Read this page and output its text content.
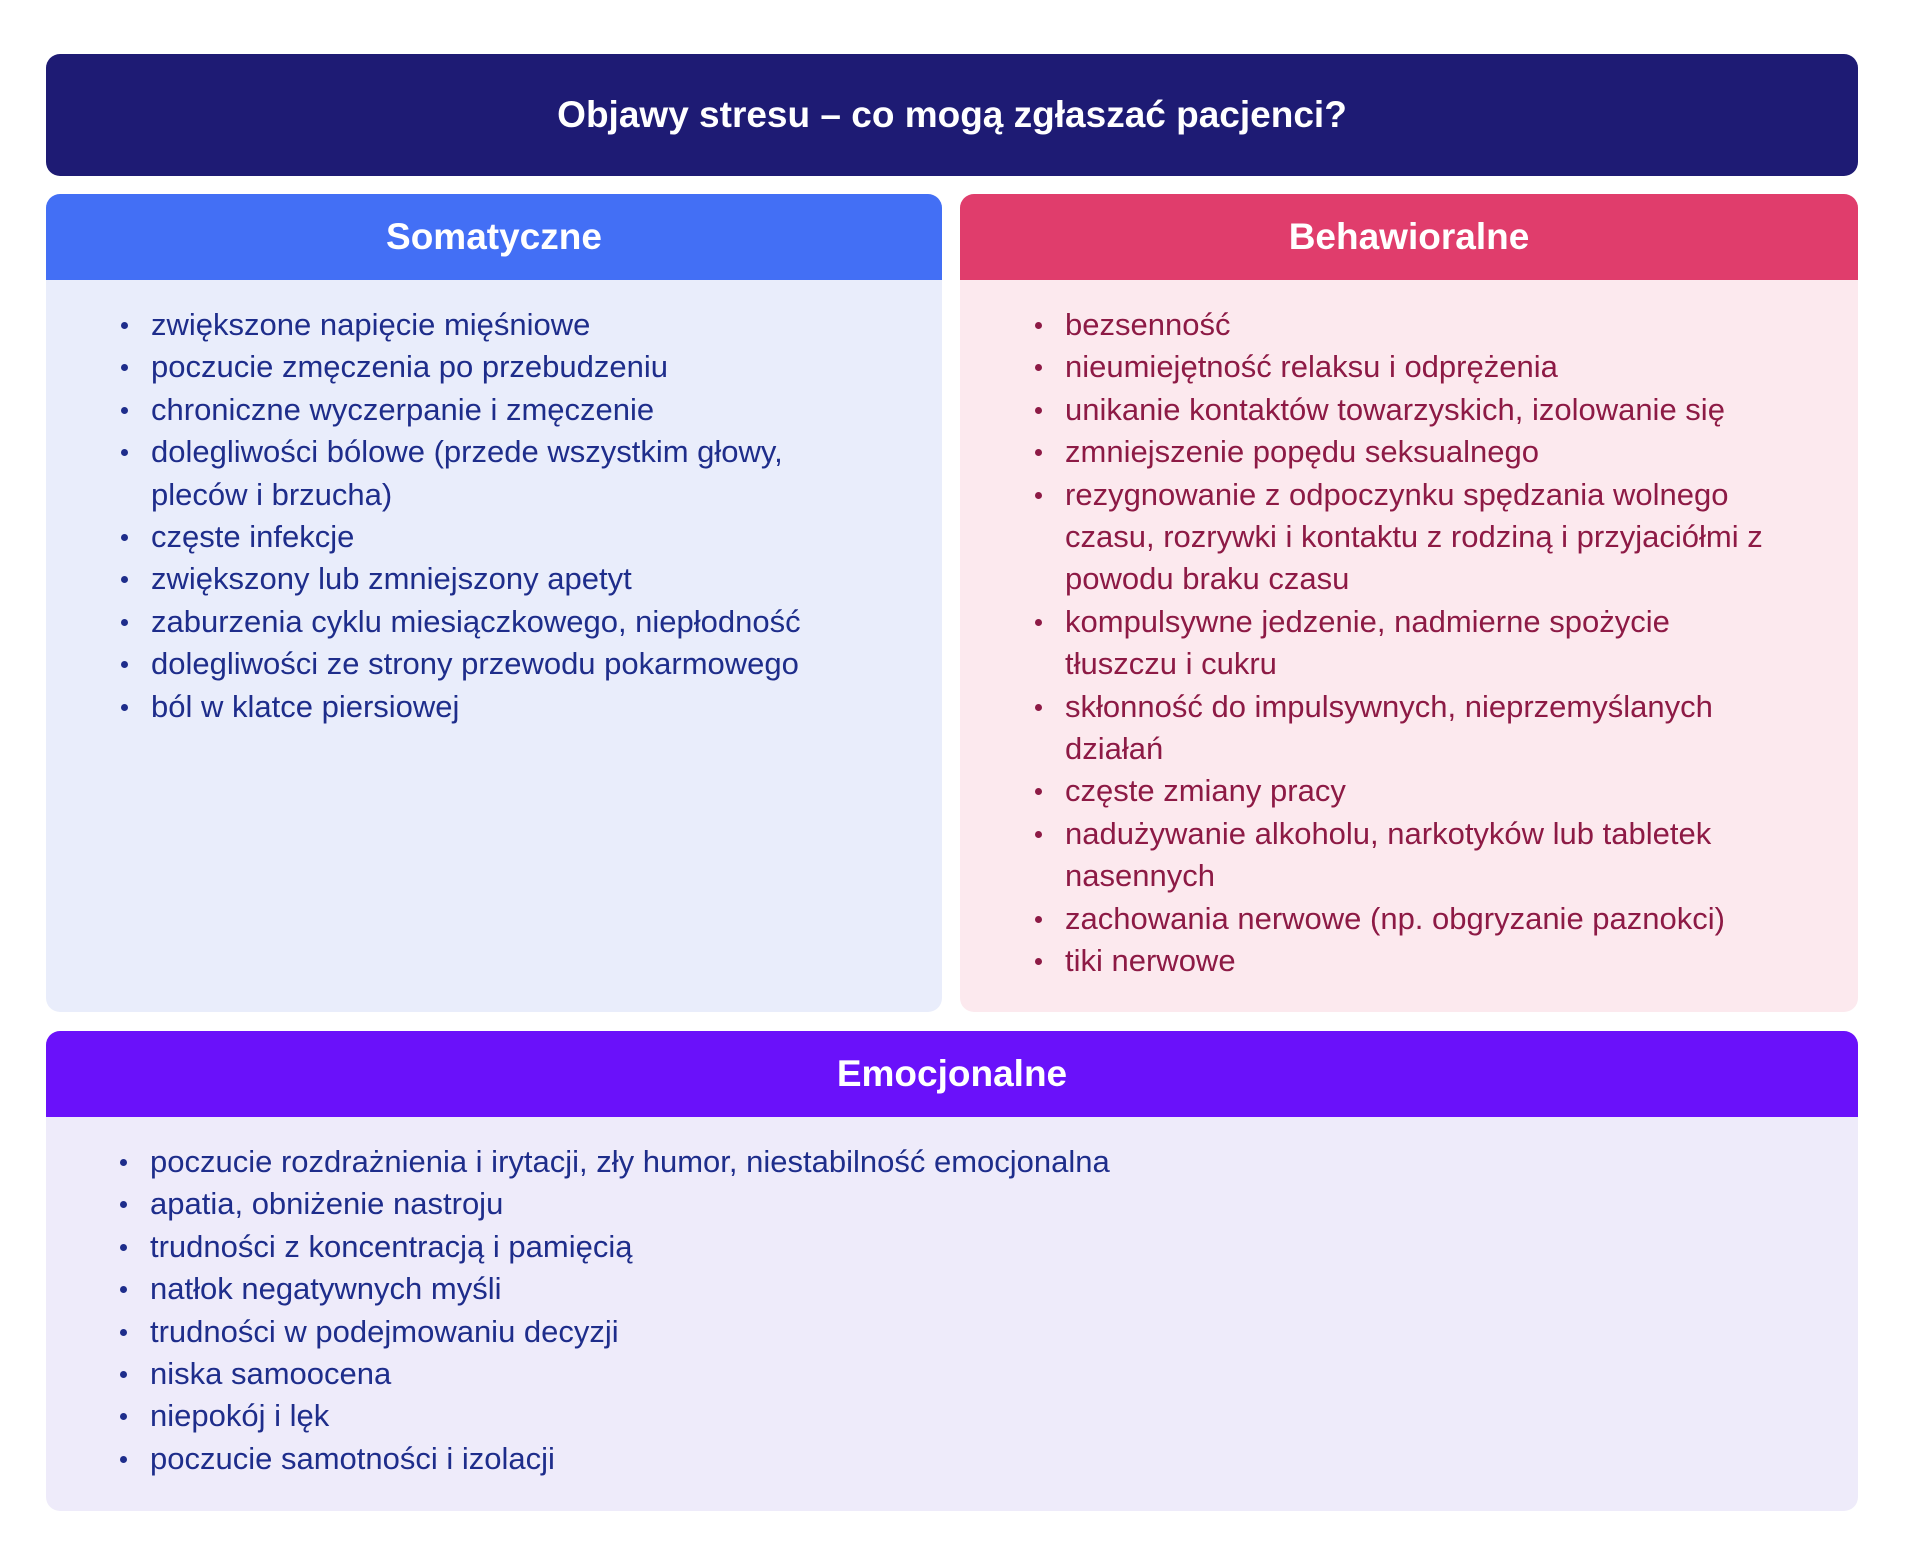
Objawy stresu – co mogą zgłaszać pacjenci?
Somatyczne
zwiększone napięcie mięśniowe
poczucie zmęczenia po przebudzeniu
chroniczne wyczerpanie i zmęczenie
dolegliwości bólowe (przede wszystkim głowy, pleców i brzucha)
częste infekcje
zwiększony lub zmniejszony apetyt
zaburzenia cyklu miesiączkowego, niepłodność
dolegliwości ze strony przewodu pokarmowego
ból w klatce piersiowej
Behawioralne
bezsenność
nieumiejętność relaksu i odprężenia
unikanie kontaktów towarzyskich, izolowanie się
zmniejszenie popędu seksualnego
rezygnowanie z odpoczynku spędzania wolnego czasu, rozrywki i kontaktu z rodziną i przyjaciółmi z powodu braku czasu
kompulsywne jedzenie, nadmierne spożycie tłuszczu i cukru
skłonność do impulsywnych, nieprzemyślanych działań
częste zmiany pracy
nadużywanie alkoholu, narkotyków lub tabletek nasennych
zachowania nerwowe (np. obgryzanie paznokci)
tiki nerwowe
Emocjonalne
poczucie rozdrażnienia i irytacji, zły humor, niestabilność emocjonalna
apatia, obniżenie nastroju
trudności z koncentracją i pamięcią
natłok negatywnych myśli
trudności w podejmowaniu decyzji
niska samoocena
niepokój i lęk
poczucie samotności i izolacji
